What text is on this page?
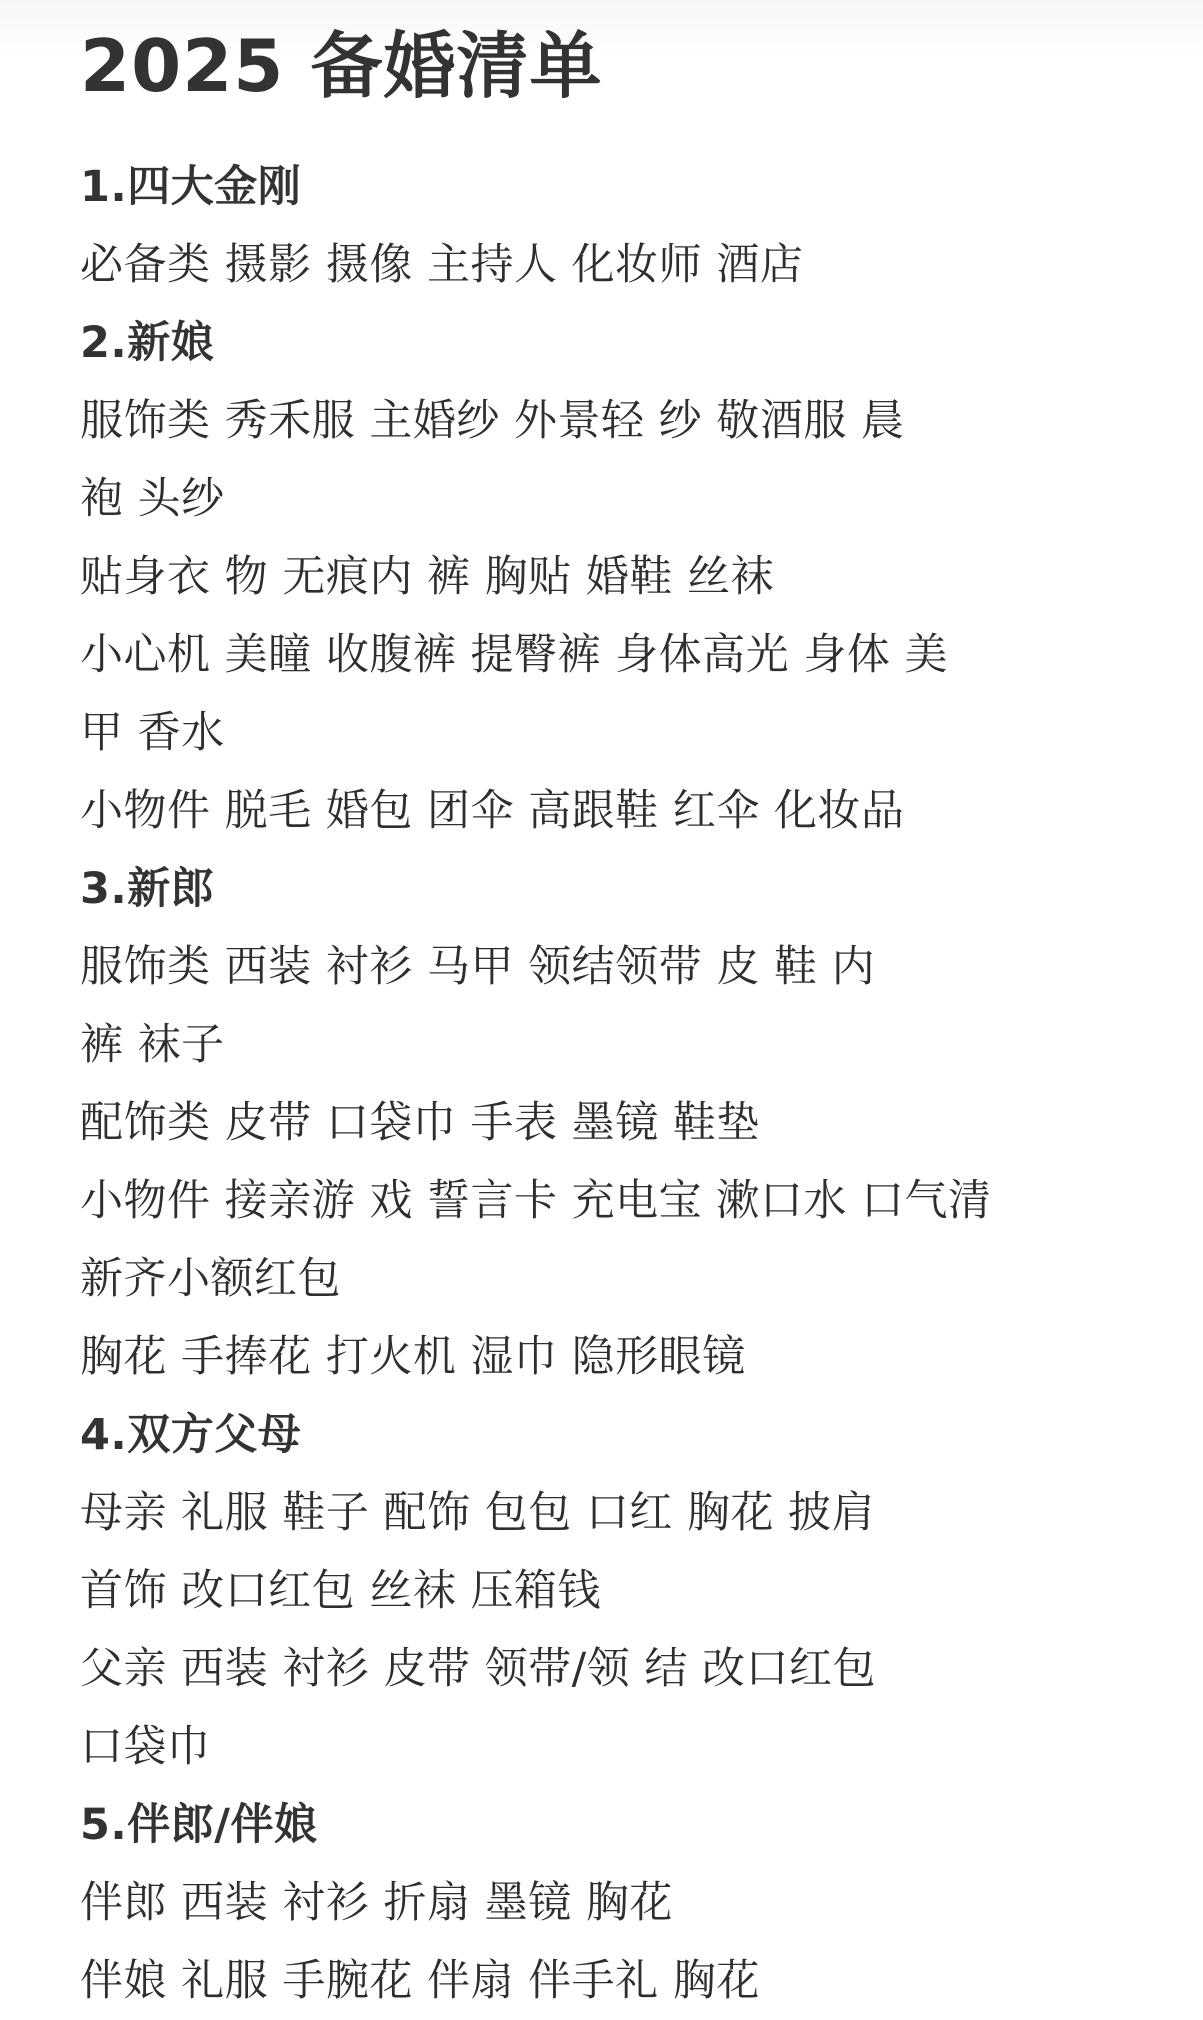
2025 备婚清单
1.四大金刚
必备类 摄影 摄像 主持人 化妆师 酒店
2.新娘
服饰类 秀禾服 主婚纱 外景轻 纱 敬酒服 晨
袍 头纱
贴身衣 物 无痕内 裤 胸贴 婚鞋 丝袜
小心机 美瞳 收腹裤 提臀裤 身体高光 身体 美
甲 香水
小物件 脱毛 婚包 团伞 高跟鞋 红伞 化妆品
3.新郎
服饰类 西装 衬衫 马甲 领结领带 皮 鞋 内
裤 袜子
配饰类 皮带 口袋巾 手表 墨镜 鞋垫
小物件 接亲游 戏 誓言卡 充电宝 漱口水 口气清
新齐小额红包
胸花 手捧花 打火机 湿巾 隐形眼镜
4.双方父母
母亲 礼服 鞋子 配饰 包包 口红 胸花 披肩
首饰 改口红包 丝袜 压箱钱
父亲 西装 衬衫 皮带 领带/领 结 改口红包
口袋巾
5.伴郎/伴娘
伴郎 西装 衬衫 折扇 墨镜 胸花
伴娘 礼服 手腕花 伴扇 伴手礼 胸花
